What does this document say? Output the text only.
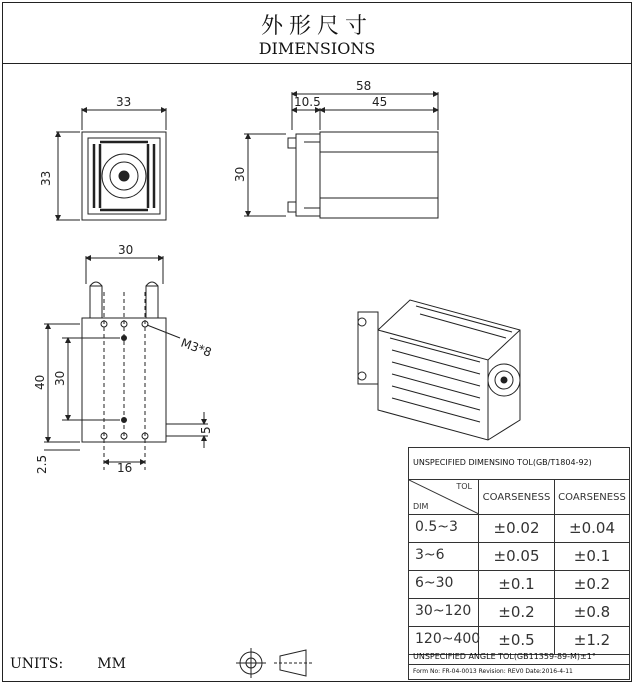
外形尺寸
DIMENSIONS
33
33
58
10.5	45
30
30
40 30
M3*8
5
16
2.5	UNSPECIFIED DIMENSINO TOL(GB/T1804-92)
TOL
DIM
COARSENESS COARSENESS
0.5~3	±0.02	±0.04
3~6	±0.05	±0.1
6~30	±0.1	±0.2
30~120	±0.2	±0.8
120~400	±0.5	±1.2
UNSPECIFIED ANGLE TOL(GB11359-89-M)±1°
Form No: FR-04-0013 Revision: REV0 Date:2016-4-11
UNITS: MM
